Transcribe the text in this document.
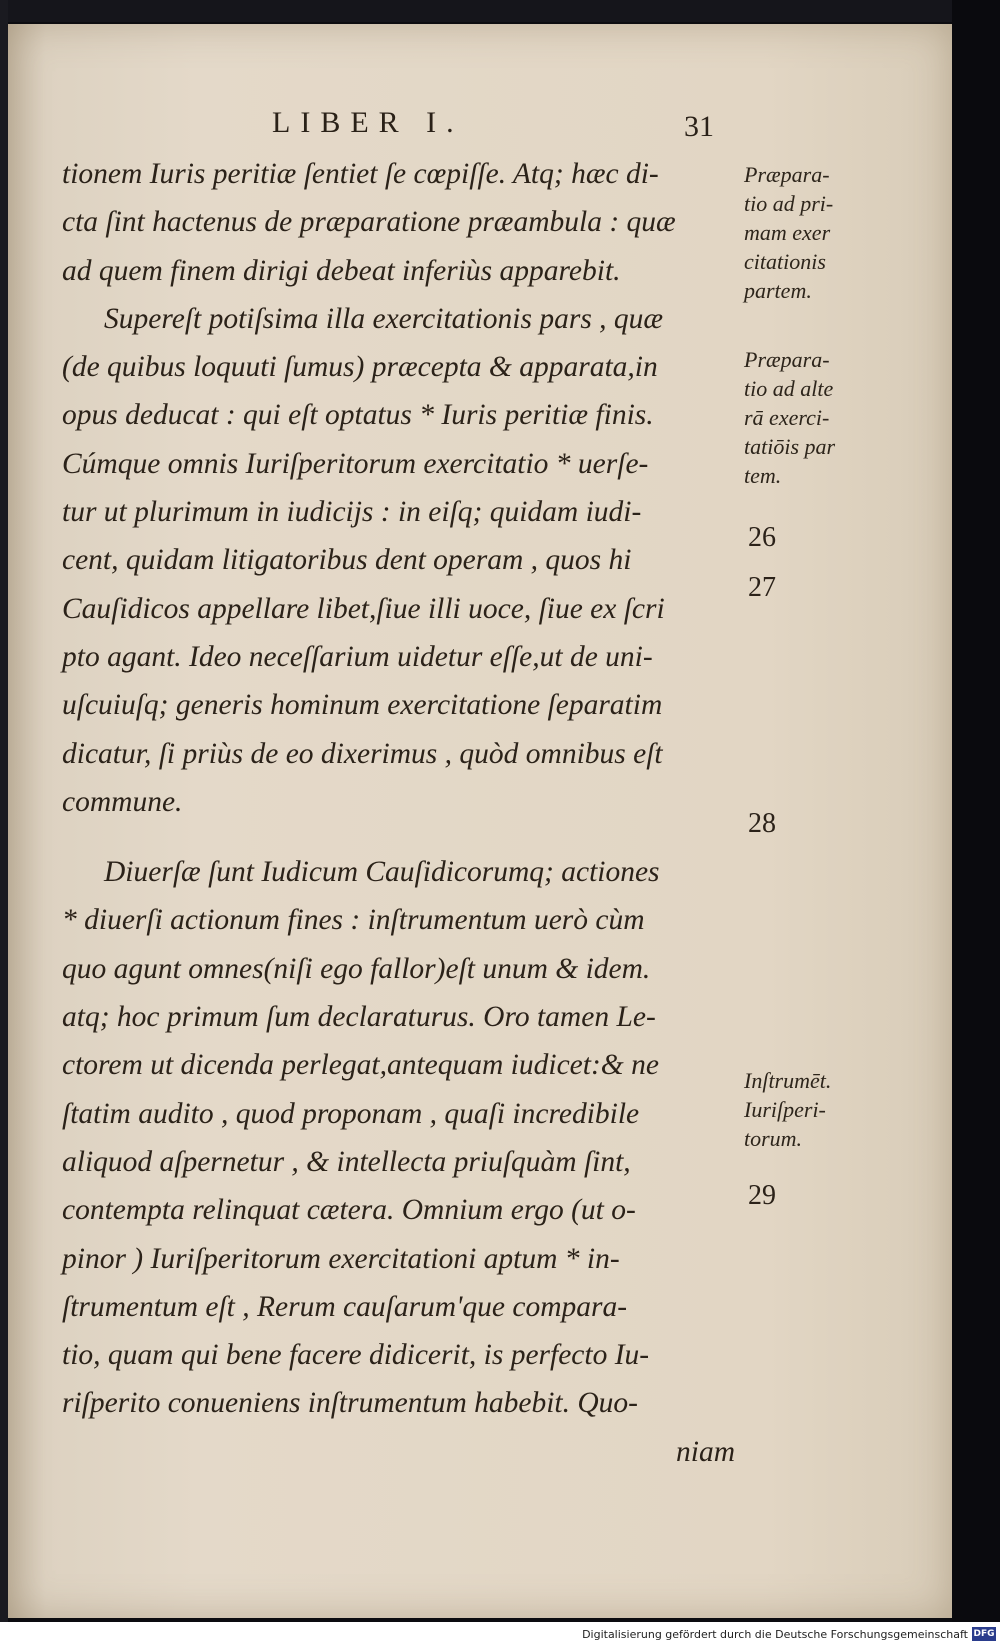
LIBER I.	31
tionem Iuris peritiæ ſentiet ſe cœpiſſe. Atq; hæc di-
cta ſint hactenus de præparatione præambula : quæ
ad quem finem dirigi debeat inferiùs apparebit.
Supereſt potiſsima illa exercitationis pars , quæ
(de quibus loquuti ſumus) præcepta & apparata,in
opus deducat : qui eſt optatus * Iuris peritiæ finis.
Cúmque omnis Iuriſperitorum exercitatio * uerſe-
tur ut plurimum in iudicijs : in eiſq; quidam iudi-
cent, quidam litigatoribus dent operam , quos hi
Cauſidicos appellare libet,ſiue illi uoce, ſiue ex ſcri
pto agant. Ideo neceſſarium uidetur eſſe,ut de uni-
uſcuiuſq; generis hominum exercitatione ſeparatim
dicatur, ſi priùs de eo dixerimus , quòd omnibus eſt
commune.
Diuerſæ ſunt Iudicum Cauſidicorumq; actiones
* diuerſi actionum fines : inſtrumentum uerò cùm
quo agunt omnes(niſi ego fallor)eſt unum & idem.
atq; hoc primum ſum declaraturus. Oro tamen Le-
ctorem ut dicenda perlegat,antequam iudicet:& ne
ſtatim audito , quod proponam , quaſi incredibile
aliquod aſpernetur , & intellecta priuſquàm ſint,
contempta relinquat cætera. Omnium ergo (ut o-
pinor ) Iuriſperitorum exercitationi aptum * in-
ſtrumentum eſt , Rerum cauſarum'que compara-
tio, quam qui bene facere didicerit, is perfecto Iu-
riſperito conueniens inſtrumentum habebit. Quo-
niam
Præpara-
tio ad pri-
mam exer
citationis
partem.
Præpara-
tio ad alte
rā exerci-
tatiōis par
tem.
26
27
28
Inſtrumēt.
Iuriſperi-
torum.
29
Digitalisierung gefördert durch die Deutsche Forschungsgemeinschaft DFG
